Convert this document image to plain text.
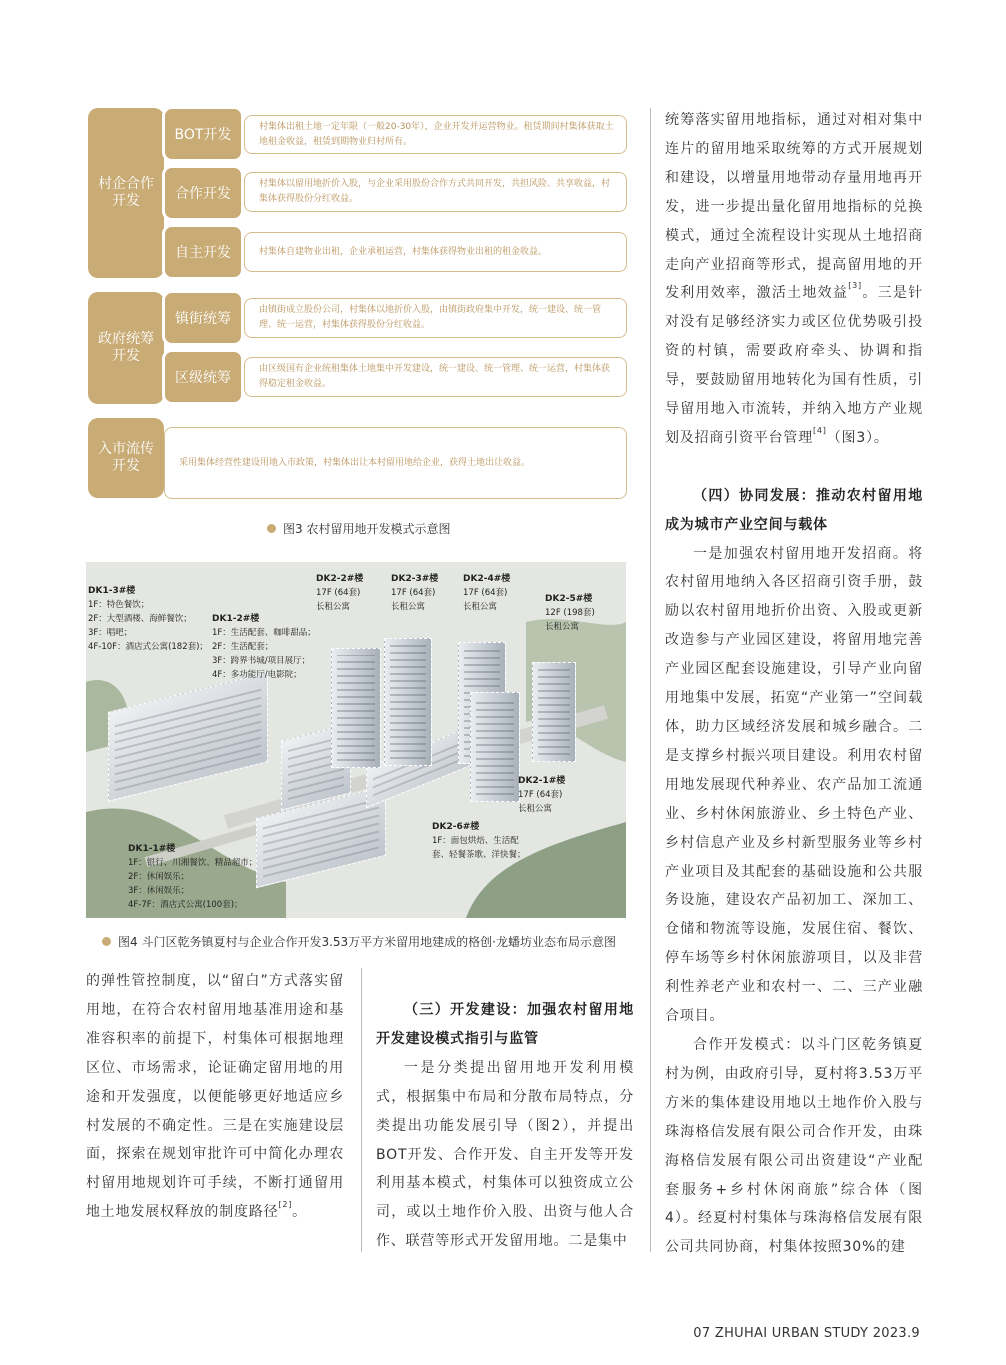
村企合作
开发
BOT开发
村集体出租土地一定年限（一般20-30年），企业开发并运营物业。租赁期间村集体获取土地租金收益，租赁到期物业归村所有。
合作开发
村集体以留用地折价入股，与企业采用股份合作方式共同开发，共担风险、共享收益，村集体获得股份分红收益。
自主开发	村集体自建物业出租，企业承租运营，村集体获得物业出租的租金收益。
政府统筹
开发
镇街统筹
由镇街成立股份公司，村集体以地折价入股，由镇街政府集中开发，统一建设、统一管理、统一运营，村集体获得股份分红收益。
区级统筹
由区级国有企业统租集体土地集中开发建设，统一建设、统一管理、统一运营，村集体获得稳定租金收益。
入市流传
开发	采用集体经营性建设用地入市政策，村集体出让本村留用地给企业，获得土地出让收益。
图3 农村留用地开发模式示意图
DK1-3#楼
1F：特色餐饮；
2F：大型酒楼、海鲜餐饮；
3F：唱吧；
4F-10F：酒店式公寓(182套)；
DK1-2#楼
1F：生活配套、咖啡甜品；
2F：生活配套；
3F：跨界书城/项目展厅；
4F：多功能厅/电影院；
DK2-2#楼
17F (64套)
长租公寓
DK2-3#楼
17F (64套)
长租公寓
DK2-4#楼
17F (64套)
长租公寓
DK2-5#楼
12F (198套)
长租公寓
DK2-1#楼
17F (64套)
长租公寓
DK2-6#楼
1F：面包烘焙、生活配
套、轻餐茶歌、洋快餐；
DK1-1#楼
1F：银行、川湘餐饮、精品超市；
2F：休闲娱乐；
3F：休闲娱乐；
4F-7F：酒店式公寓(100套)；
图4 斗门区乾务镇夏村与企业合作开发3.53万平方米留用地建成的格创·龙蟠坊业态布局示意图

的弹性管控制度，以“留白”方式落实留用地，在符合农村留用地基准用途和基准容积率的前提下，村集体可根据地理区位、市场需求，论证确定留用地的用途和开发强度，以便能够更好地适应乡村发展的不确定性。三是在实施建设层面，探索在规划审批许可中简化办理农村留用地规划许可手续，不断打通留用地土地发展权释放的制度路径[2]。

（三）开发建设：加强农村留用地开发建设模式指引与监管

一是分类提出留用地开发利用模式，根据集中布局和分散布局特点，分类提出功能发展引导（图2），并提出BOT开发、合作开发、自主开发等开发利用基本模式，村集体可以独资成立公司，或以土地作价入股、出资与他人合作、联营等形式开发留用地。二是集中

统筹落实留用地指标，通过对相对集中连片的留用地采取统筹的方式开展规划和建设，以增量用地带动存量用地再开发，进一步提出量化留用地指标的兑换模式，通过全流程设计实现从土地招商走向产业招商等形式，提高留用地的开发利用效率，激活土地效益[3]。三是针对没有足够经济实力或区位优势吸引投资的村镇，需要政府牵头、协调和指导，要鼓励留用地转化为国有性质，引导留用地入市流转，并纳入地方产业规划及招商引资平台管理[4]（图3）。

（四）协同发展：推动农村留用地成为城市产业空间与载体

一是加强农村留用地开发招商。将农村留用地纳入各区招商引资手册，鼓励以农村留用地折价出资、入股或更新改造参与产业园区建设，将留用地完善产业园区配套设施建设，引导产业向留用地集中发展，拓宽“产业第一”空间载体，助力区域经济发展和城乡融合。二是支撑乡村振兴项目建设。利用农村留用地发展现代种养业、农产品加工流通业、乡村休闲旅游业、乡土特色产业、乡村信息产业及乡村新型服务业等乡村产业项目及其配套的基础设施和公共服务设施，建设农产品初加工、深加工、仓储和物流等设施，发展住宿、餐饮、停车场等乡村休闲旅游项目，以及非营利性养老产业和农村一、二、三产业融合项目。

合作开发模式：以斗门区乾务镇夏村为例，由政府引导，夏村将3.53万平方米的集体建设用地以土地作价入股与珠海格信发展有限公司合作开发，由珠海格信发展有限公司出资建设“产业配套服务+乡村休闲商旅”综合体（图4）。经夏村村集体与珠海格信发展有限公司共同协商，村集体按照30%的建

07 ZHUHAI URBAN STUDY 2023.9
